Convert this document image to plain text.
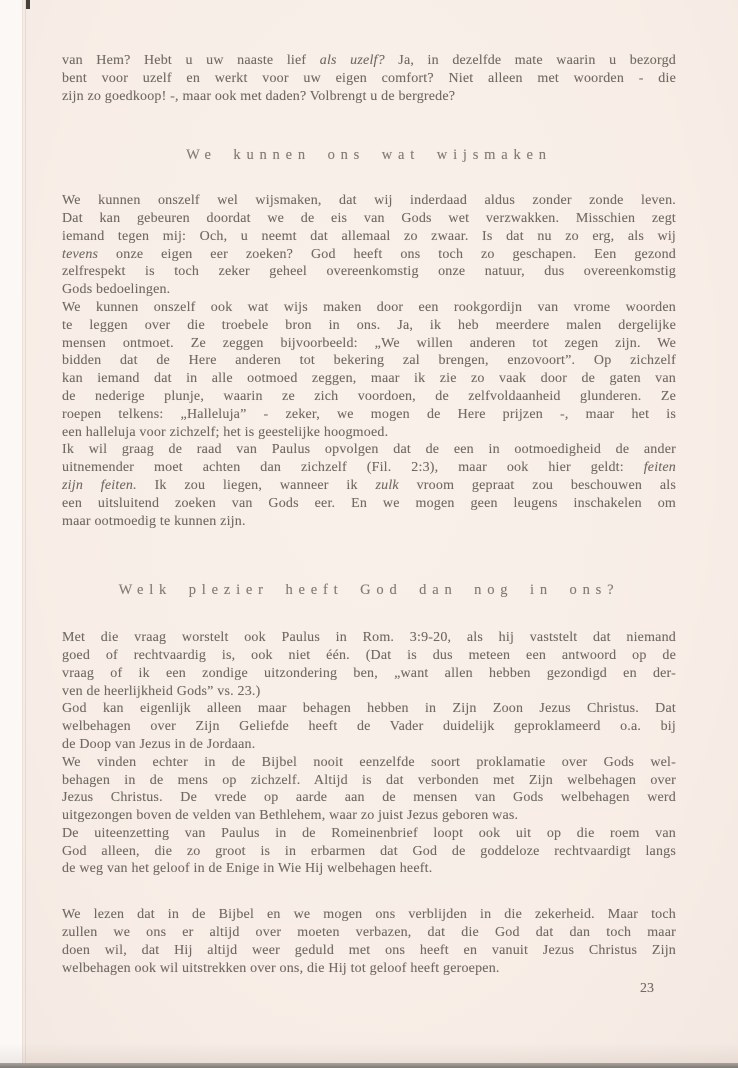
van Hem? Hebt u uw naaste lief als uzelf? Ja, in dezelfde mate waarin u bezorgd
bent voor uzelf en werkt voor uw eigen comfort? Niet alleen met woorden - die
zijn zo goedkoop! -, maar ook met daden? Volbrengt u de bergrede?

We kunnen ons wat wijsmaken

We kunnen onszelf wel wijsmaken, dat wij inderdaad aldus zonder zonde leven.
Dat kan gebeuren doordat we de eis van Gods wet verzwakken. Misschien zegt
iemand tegen mij: Och, u neemt dat allemaal zo zwaar. Is dat nu zo erg, als wij
tevens onze eigen eer zoeken? God heeft ons toch zo geschapen. Een gezond
zelfrespekt is toch zeker geheel overeenkomstig onze natuur, dus overeenkomstig
Gods bedoelingen.

We kunnen onszelf ook wat wijs maken door een rookgordijn van vrome woorden
te leggen over die troebele bron in ons. Ja, ik heb meerdere malen dergelijke
mensen ontmoet. Ze zeggen bijvoorbeeld: „We willen anderen tot zegen zijn. We
bidden dat de Here anderen tot bekering zal brengen, enzovoort”. Op zichzelf
kan iemand dat in alle ootmoed zeggen, maar ik zie zo vaak door de gaten van
de nederige plunje, waarin ze zich voordoen, de zelfvoldaanheid glunderen. Ze
roepen telkens: „Halleluja” - zeker, we mogen de Here prijzen -, maar het is
een halleluja voor zichzelf; het is geestelijke hoogmoed.

Ik wil graag de raad van Paulus opvolgen dat de een in ootmoedigheid de ander
uitnemender moet achten dan zichzelf (Fil. 2:3), maar ook hier geldt: feiten
zijn feiten. Ik zou liegen, wanneer ik zulk vroom gepraat zou beschouwen als
een uitsluitend zoeken van Gods eer. En we mogen geen leugens inschakelen om
maar ootmoedig te kunnen zijn.

Welk plezier heeft God dan nog in ons?

Met die vraag worstelt ook Paulus in Rom. 3:9-20, als hij vaststelt dat niemand
goed of rechtvaardig is, ook niet één. (Dat is dus meteen een antwoord op de
vraag of ik een zondige uitzondering ben, „want allen hebben gezondigd en der-
ven de heerlijkheid Gods” vs. 23.)

God kan eigenlijk alleen maar behagen hebben in Zijn Zoon Jezus Christus. Dat
welbehagen over Zijn Geliefde heeft de Vader duidelijk geproklameerd o.a. bij
de Doop van Jezus in de Jordaan.

We vinden echter in de Bijbel nooit eenzelfde soort proklamatie over Gods wel-
behagen in de mens op zichzelf. Altijd is dat verbonden met Zijn welbehagen over
Jezus Christus. De vrede op aarde aan de mensen van Gods welbehagen werd
uitgezongen boven de velden van Bethlehem, waar zo juist Jezus geboren was.

De uiteenzetting van Paulus in de Romeinenbrief loopt ook uit op die roem van
God alleen, die zo groot is in erbarmen dat God de goddeloze rechtvaardigt langs
de weg van het geloof in de Enige in Wie Hij welbehagen heeft.

We lezen dat in de Bijbel en we mogen ons verblijden in die zekerheid. Maar toch
zullen we ons er altijd over moeten verbazen, dat die God dat dan toch maar
doen wil, dat Hij altijd weer geduld met ons heeft en vanuit Jezus Christus Zijn
welbehagen ook wil uitstrekken over ons, die Hij tot geloof heeft geroepen.

23
